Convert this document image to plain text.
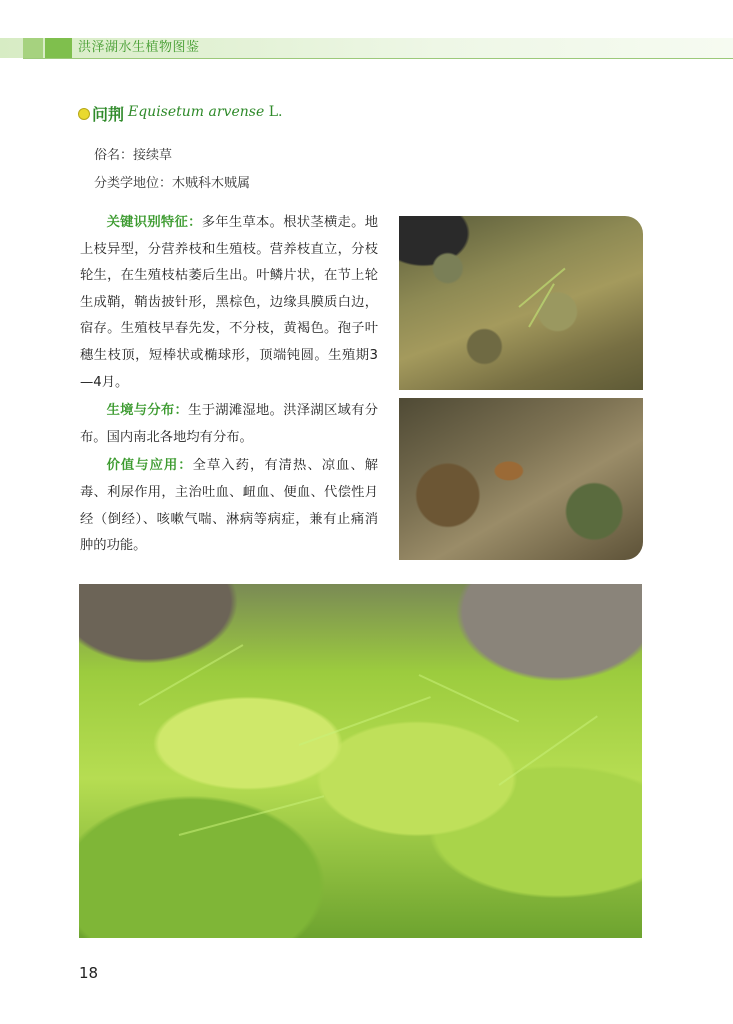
洪泽湖水生植物图鉴
问荆 Equisetum arvense L.
俗名：接续草
分类学地位：木贼科木贼属

关键识别特征：多年生草本。根状茎横走。地上枝异型，分营养枝和生殖枝。营养枝直立，分枝轮生，在生殖枝枯萎后生出。叶鳞片状，在节上轮生成鞘，鞘齿披针形，黑棕色，边缘具膜质白边，宿存。生殖枝早春先发，不分枝，黄褐色。孢子叶穗生枝顶，短棒状或椭球形，顶端钝圆。生殖期3—4月。

生境与分布：生于湖滩湿地。洪泽湖区域有分布。国内南北各地均有分布。

价值与应用：全草入药，有清热、凉血、解毒、利尿作用，主治吐血、衄血、便血、代偿性月经（倒经）、咳嗽气喘、淋病等病症，兼有止痛消肿的功能。

18
